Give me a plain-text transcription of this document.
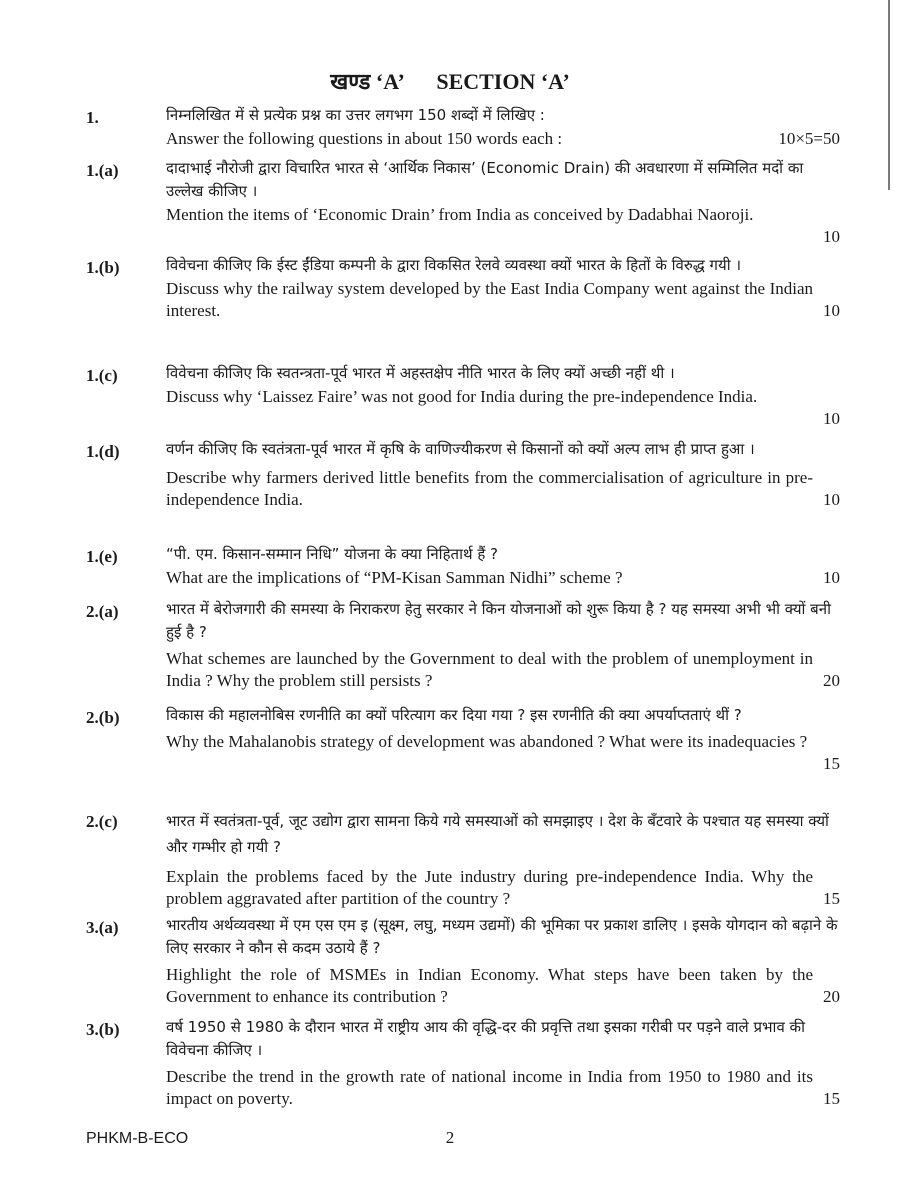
खण्ड ‘A’ SECTION ‘A’
1.	निम्नलिखित में से प्रत्येक प्रश्न का उत्तर लगभग 150 शब्दों में लिखिए :
10×5=50
Answer the following questions in about 150 words each :
1.(a)	दादाभाई नौरोजी द्वारा विचारित भारत से ‘आर्थिक निकास’ (Economic Drain) की अवधारणा में सम्मिलित मदों का उल्लेख कीजिए ।
10
Mention the items of ‘Economic Drain’ from India as conceived by Dadabhai Naoroji.
1.(b)	विवेचना कीजिए कि ईस्ट ईंडिया कम्पनी के द्वारा विकसित रेलवे व्यवस्था क्यों भारत के हितों के विरुद्ध गयी ।
10
Discuss why the railway system developed by the East India Company went against the Indian interest.
1.(c)	विवेचना कीजिए कि स्वतन्त्रता-पूर्व भारत में अहस्तक्षेप नीति भारत के लिए क्यों अच्छी नहीं थी ।
10
Discuss why ‘Laissez Faire’ was not good for India during the pre-independence India.
1.(d)	वर्णन कीजिए कि स्वतंत्रता-पूर्व भारत में कृषि के वाणिज्यीकरण से किसानों को क्यों अल्प लाभ ही प्राप्त हुआ ।
10
Describe why farmers derived little benefits from the commercialisation of agriculture in pre-independence India.
1.(e)	“पी. एम. किसान-सम्मान निधि” योजना के क्या निहितार्थ हैं ?
10
What are the implications of “PM-Kisan Samman Nidhi” scheme ?
2.(a)	भारत में बेरोजगारी की समस्या के निराकरण हेतु सरकार ने किन योजनाओं को शुरू किया है ? यह समस्या अभी भी क्यों बनी हुई है ?
20
What schemes are launched by the Government to deal with the problem of unemployment in India ? Why the problem still persists ?
2.(b)	विकास की महालनोबिस रणनीति का क्यों परित्याग कर दिया गया ? इस रणनीति की क्या अपर्याप्तताएं थीं ?
15
Why the Mahalanobis strategy of development was abandoned ? What were its inadequacies ?
2.(c)	भारत में स्वतंत्रता-पूर्व, जूट उद्योग द्वारा सामना किये गये समस्याओं को समझाइए । देश के बँटवारे के पश्चात यह समस्या क्यों और गम्भीर हो गयी ?
15
Explain the problems faced by the Jute industry during pre-independence India. Why the problem aggravated after partition of the country ?
3.(a)	भारतीय अर्थव्यवस्था में एम एस एम इ (सूक्ष्म, लघु, मध्यम उद्यमों) की भूमिका पर प्रकाश डालिए । इसके योगदान को बढ़ाने के लिए सरकार ने कौन से कदम उठाये हैं ?
20
Highlight the role of MSMEs in Indian Economy. What steps have been taken by the Government to enhance its contribution ?
3.(b)	वर्ष 1950 से 1980 के दौरान भारत में राष्ट्रीय आय की वृद्धि-दर की प्रवृत्ति तथा इसका गरीबी पर पड़ने वाले प्रभाव की विवेचना कीजिए ।
15
Describe the trend in the growth rate of national income in India from 1950 to 1980 and its impact on poverty.
PHKM-B-ECO	2
